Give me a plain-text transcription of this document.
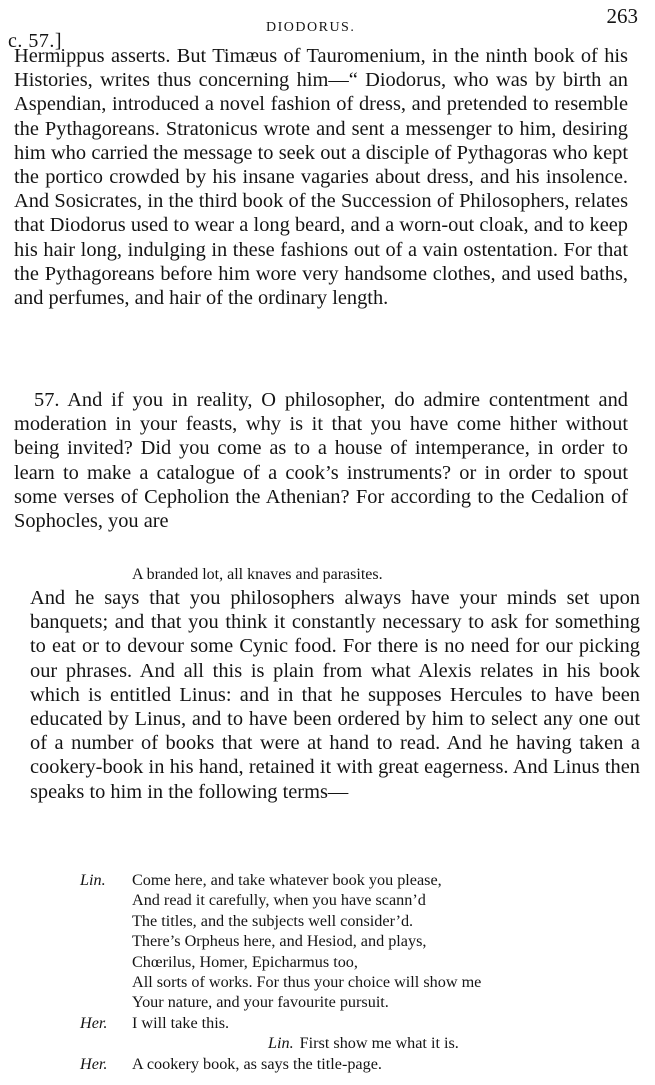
c. 57.]
DIODORUS.	263

Hermippus asserts. But Timæus of Tauromenium, in the ninth book of his Histories, writes thus concerning him—“ Diodorus, who was by birth an Aspendian, introduced a novel fashion of dress, and pretended to resemble the Pythagoreans. Stratonicus wrote and sent a messenger to him, desiring him who carried the message to seek out a disciple of Pythagoras who kept the portico crowded by his insane vagaries about dress, and his insolence. And Sosicrates, in the third book of the Succession of Philosophers, relates that Diodorus used to wear a long beard, and a worn-out cloak, and to keep his hair long, indulging in these fashions out of a vain ostentation. For that the Pythagoreans before him wore very handsome clothes, and used baths, and perfumes, and hair of the ordinary length.

57. And if you in reality, O philosopher, do admire contentment and moderation in your feasts, why is it that you have come hither without being invited? Did you come as to a house of intemperance, in order to learn to make a catalogue of a cook’s instruments? or in order to spout some verses of Cepholion the Athenian? For according to the Cedalion of Sophocles, you are

A branded lot, all knaves and parasites.

And he says that you philosophers always have your minds set upon banquets; and that you think it constantly necessary to ask for something to eat or to devour some Cynic food. For there is no need for our picking our phrases. And all this is plain from what Alexis relates in his book which is entitled Linus: and in that he supposes Hercules to have been educated by Linus, and to have been ordered by him to select any one out of a number of books that were at hand to read. And he having taken a cookery-book in his hand, retained it with great eagerness. And Linus then speaks to him in the following terms—

Lin. Come here, and take whatever book you please,

And read it carefully, when you have scann’d

The titles, and the subjects well consider’d.

There’s Orpheus here, and Hesiod, and plays,

Chœrilus, Homer, Epicharmus too,

All sorts of works. For thus your choice will show me

Your nature, and your favourite pursuit.

Her. I will take this.

Lin. First show me what it is.

Her. A cookery book, as says the title-page.
